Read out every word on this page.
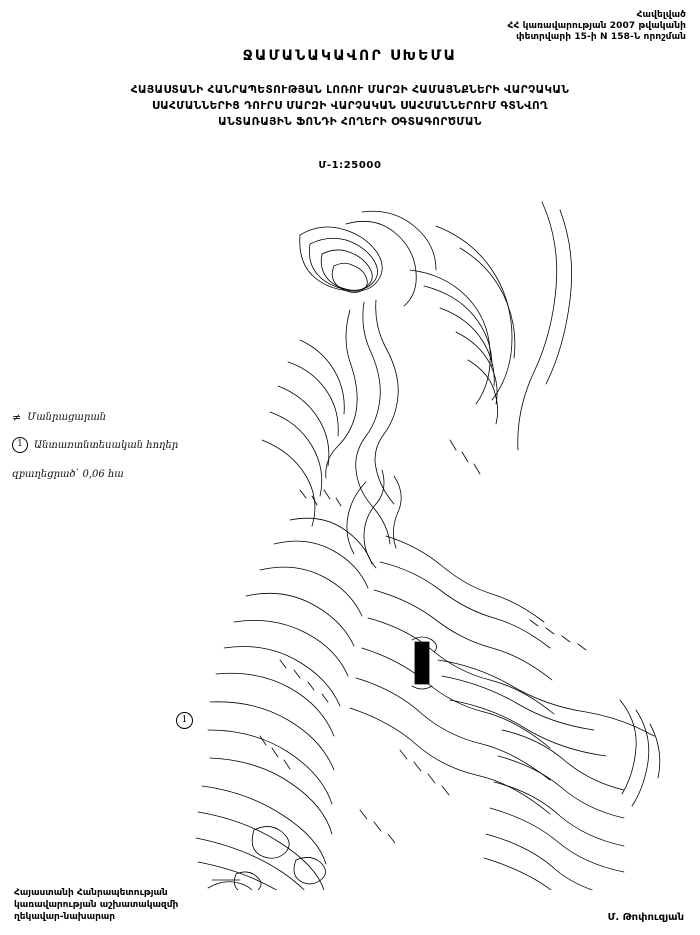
Հավելված
ՀՀ կառավարության 2007 թվականի
փետրվարի 15-ի N 158-Ն որոշման
ՋԱՄԱՆԱԿԱՎՈՐ ՍԽԵՄԱ
ՀԱՅԱՍՏԱՆԻ ՀԱՆՐԱՊԵՏՈՒԹՅԱՆ ԼՈՌՈՒ ՄԱՐԶԻ ՀԱՄԱՅՆՔՆԵՐԻ ՎԱՐՉԱԿԱՆ
ՍԱՀՄԱՆՆԵՐԻՑ ԴՈՒՐՍ ՄԱՐԶԻ ՎԱՐՉԱԿԱՆ ՍԱՀՄԱՆՆԵՐՈՒՄ ԳՏՆՎՈՂ
ԱՆՏԱՌԱՅԻՆ ՖՈՆԴԻ ՀՈՂԵՐԻ ՕԳՏԱԳՈՐԾՄԱՆ
Մ-1:25000
≠ Մանրացարան
1	Անտառտնտեսական հողեր
զբաղեցրած՝ 0,06 հա
1
Հայաստանի Հանրապետության
կառավարության աշխատակազմի
ղեկավար-նախարար	Մ. Թոփուզյան
